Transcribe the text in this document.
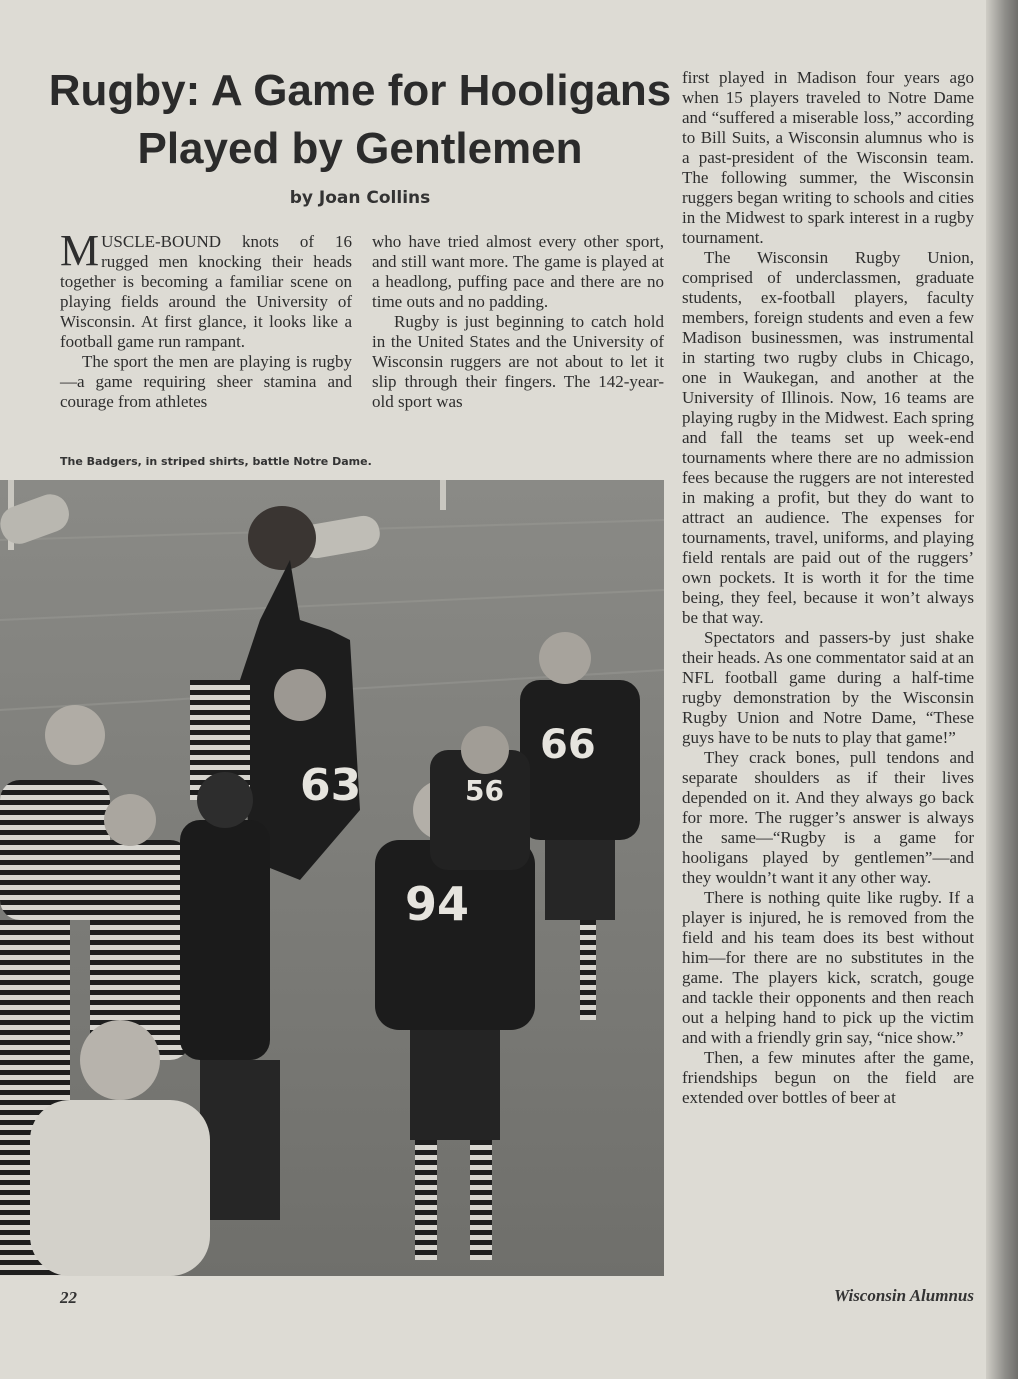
Rugby: A Game for Hooligans
Played by Gentlemen

by Joan Collins

MUSCLE-BOUND knots of 16 rugged men knocking their heads together is becoming a familiar scene on playing fields around the University of Wisconsin. At first glance, it looks like a football game run rampant.

The sport the men are playing is rugby—a game requiring sheer stamina and courage from athletes

who have tried almost every other sport, and still want more. The game is played at a headlong, puffing pace and there are no time outs and no padding.

Rugby is just beginning to catch hold in the United States and the University of Wisconsin ruggers are not about to let it slip through their fingers. The 142-year-old sport was

first played in Madison four years ago when 15 players traveled to Notre Dame and “suffered a miserable loss,” according to Bill Suits, a Wisconsin alumnus who is a past-president of the Wisconsin team. The following summer, the Wisconsin ruggers began writing to schools and cities in the Midwest to spark interest in a rugby tournament.

The Wisconsin Rugby Union, comprised of underclassmen, graduate students, ex-football players, faculty members, foreign students and even a few Madison businessmen, was instrumental in starting two rugby clubs in Chicago, one in Waukegan, and another at the University of Illinois. Now, 16 teams are playing rugby in the Midwest. Each spring and fall the teams set up week-end tournaments where there are no admission fees because the ruggers are not interested in making a profit, but they do want to attract an audience. The expenses for tournaments, travel, uniforms, and playing field rentals are paid out of the ruggers’ own pockets. It is worth it for the time being, they feel, because it won’t always be that way.

Spectators and passers-by just shake their heads. As one commentator said at an NFL football game during a half-time rugby demonstration by the Wisconsin Rugby Union and Notre Dame, “These guys have to be nuts to play that game!”

They crack bones, pull tendons and separate shoulders as if their lives depended on it. And they always go back for more. The rugger’s answer is always the same—“Rugby is a game for hooligans played by gentlemen”—and they wouldn’t want it any other way.

There is nothing quite like rugby. If a player is injured, he is removed from the field and his team does its best without him—for there are no substitutes in the game. The players kick, scratch, gouge and tackle their opponents and then reach out a helping hand to pick up the victim and with a friendly grin say, “nice show.”

Then, a few minutes after the game, friendships begun on the field are extended over bottles of beer at

The Badgers, in striped shirts, battle Notre Dame.

63
66
94
56

22	Wisconsin Alumnus
